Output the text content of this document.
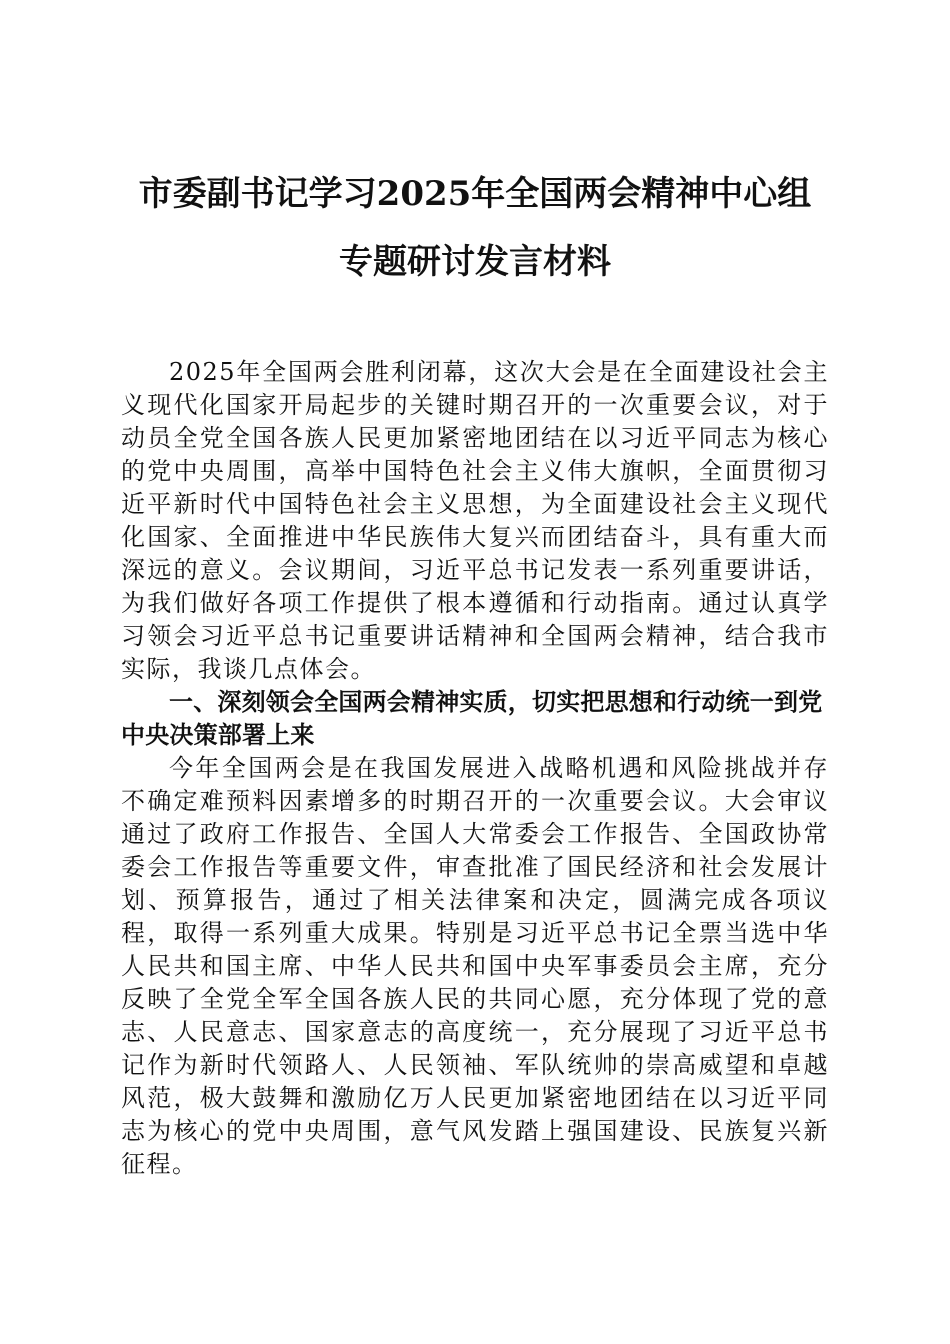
市委副书记学习2025年全国两会精神中心组
专题研讨发言材料

2025年全国两会胜利闭幕，这次大会是在全面建设社会主义现代化国家开局起步的关键时期召开的一次重要会议，对于动员全党全国各族人民更加紧密地团结在以习近平同志为核心的党中央周围，高举中国特色社会主义伟大旗帜，全面贯彻习近平新时代中国特色社会主义思想，为全面建设社会主义现代化国家、全面推进中华民族伟大复兴而团结奋斗，具有重大而深远的意义。会议期间，习近平总书记发表一系列重要讲话，为我们做好各项工作提供了根本遵循和行动指南。通过认真学习领会习近平总书记重要讲话精神和全国两会精神，结合我市实际，我谈几点体会。

一、深刻领会全国两会精神实质，切实把思想和行动统一到党中央决策部署上来

今年全国两会是在我国发展进入战略机遇和风险挑战并存不确定难预料因素增多的时期召开的一次重要会议。大会审议通过了政府工作报告、全国人大常委会工作报告、全国政协常委会工作报告等重要文件，审查批准了国民经济和社会发展计划、预算报告，通过了相关法律案和决定，圆满完成各项议程，取得一系列重大成果。特别是习近平总书记全票当选中华人民共和国主席、中华人民共和国中央军事委员会主席，充分反映了全党全军全国各族人民的共同心愿，充分体现了党的意志、人民意志、国家意志的高度统一，充分展现了习近平总书记作为新时代领路人、人民领袖、军队统帅的崇高威望和卓越风范，极大鼓舞和激励亿万人民更加紧密地团结在以习近平同志为核心的党中央周围，意气风发踏上强国建设、民族复兴新征程。
